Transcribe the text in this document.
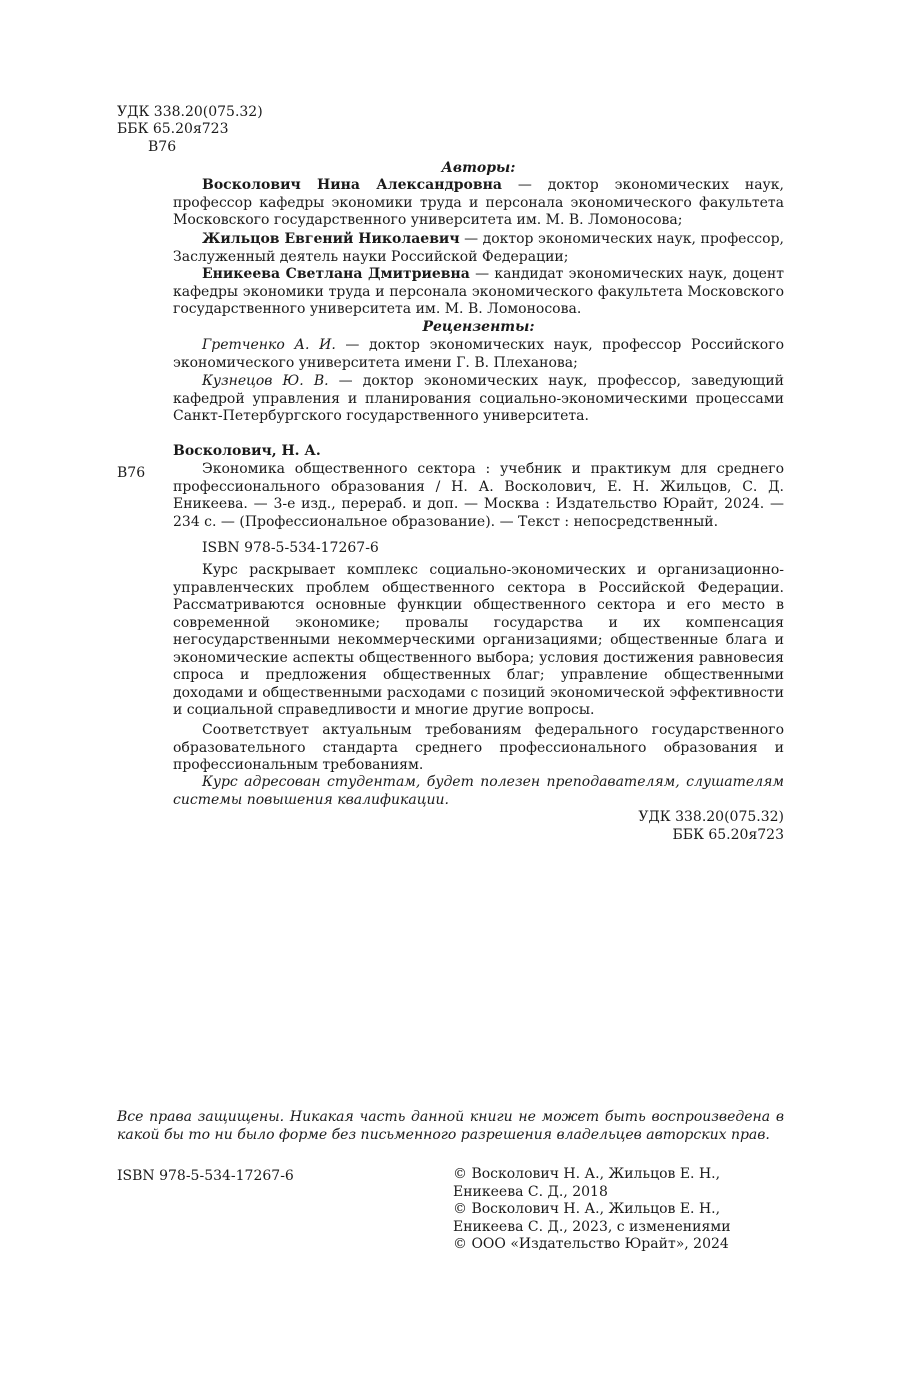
УДК 338.20(075.32)
ББК 65.20я723
В76
Авторы:
Восколович Нина Александровна — доктор экономических наук, профессор кафедры экономики труда и персонала экономического факультета Московского государственного университета им. М. В. Ломоносова;
Жильцов Евгений Николаевич — доктор экономических наук, профессор, Заслуженный деятель науки Российской Федерации;
Еникеева Светлана Дмитриевна — кандидат экономических наук, доцент кафедры экономики труда и персонала экономического факультета Московского государственного университета им. М. В. Ломоносова.
Рецензенты:
Гретченко А. И. — доктор экономических наук, профессор Российского экономического университета имени Г. В. Плеханова;
Кузнецов Ю. В. — доктор экономических наук, профессор, заведующий кафедрой управления и планирования социально-экономическими процессами Санкт-Петербургского государственного университета.
Восколович, Н. А.
В76	Экономика общественного сектора : учебник и практикум для среднего профессионального образования / Н. А. Восколович, Е. Н. Жильцов, С. Д. Еникеева. — 3-е изд., перераб. и доп. — Москва : Издательство Юрайт, 2024. — 234 с. — (Профессиональное образование). — Текст : непосредственный.
ISBN 978-5-534-17267-6
Курс раскрывает комплекс социально-экономических и организационно-управленческих проблем общественного сектора в Российской Федерации. Рассматриваются основные функции общественного сектора и его место в современной экономике; провалы государства и их компенсация негосударственными некоммерческими организациями; общественные блага и экономические аспекты общественного выбора; условия достижения равновесия спроса и предложения общественных благ; управление общественными доходами и общественными расходами с позиций экономической эффективности и социальной справедливости и многие другие вопросы.
Соответствует актуальным требованиям федерального государственного образовательного стандарта среднего профессионального образования и профессиональным требованиям.
Курс адресован студентам, будет полезен преподавателям, слушателям системы повышения квалификации.
УДК 338.20(075.32)
ББК 65.20я723
Все права защищены. Никакая часть данной книги не может быть воспроизведена в какой бы то ни было форме без письменного разрешения владельцев авторских прав.
ISBN 978-5-534-17267-6	© Восколович Н. А., Жильцов Е. Н.,
Еникеева С. Д., 2018
© Восколович Н. А., Жильцов Е. Н.,
Еникеева С. Д., 2023, с изменениями
© ООО «Издательство Юрайт», 2024
